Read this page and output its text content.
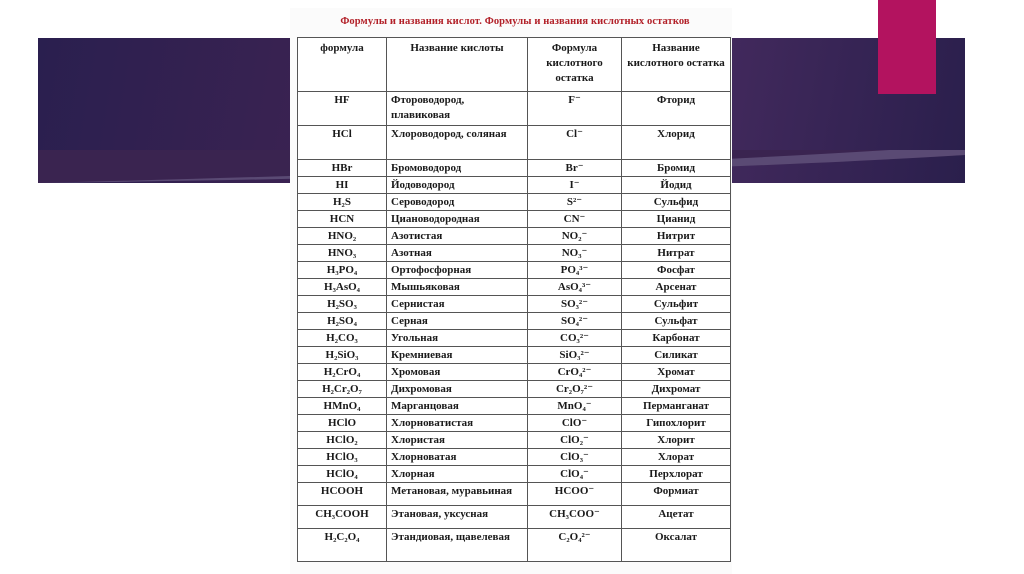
Формулы и названия кислот. Формулы и названия кислотных остатков
формула	Название кислоты	Формула кислотного остатка	Название кислотного остатка
HF	Фтороводород, плавиковая	F⁻	Фторид
HCl	Хлороводород, соляная	Cl⁻	Хлорид
HBr	Бромоводород	Br⁻	Бромид
HI	Йодоводород	I⁻	Йодид
H₂S	Сероводород	S²⁻	Сульфид
HCN	Циановодородная	CN⁻	Цианид
HNO₂	Азотистая	NO₂⁻	Нитрит
HNO₃	Азотная	NO₃⁻	Нитрат
H₃PO₄	Ортофосфорная	PO₄³⁻	Фосфат
H₃AsO₄	Мышьяковая	AsO₄³⁻	Арсенат
H₂SO₃	Сернистая	SO₃²⁻	Сульфит
H₂SO₄	Серная	SO₄²⁻	Сульфат
H₂CO₃	Угольная	CO₃²⁻	Карбонат
H₂SiO₃	Кремниевая	SiO₃²⁻	Силикат
H₂CrO₄	Хромовая	CrO₄²⁻	Хромат
H₂Cr₂O₇	Дихромовая	Cr₂O₇²⁻	Дихромат
HMnO₄	Марганцовая	MnO₄⁻	Перманганат
HClO	Хлорноватистая	ClO⁻	Гипохлорит
HClO₂	Хлористая	ClO₂⁻	Хлорит
HClO₃	Хлорноватая	ClO₃⁻	Хлорат
HClO₄	Хлорная	ClO₄⁻	Перхлорат
HCOOH	Метановая, муравьиная	HCOO⁻	Формиат
CH₃COOH	Этановая, уксусная	CH₃COO⁻	Ацетат
H₂C₂O₄	Этандиовая, щавелевая	C₂O₄²⁻	Оксалат
